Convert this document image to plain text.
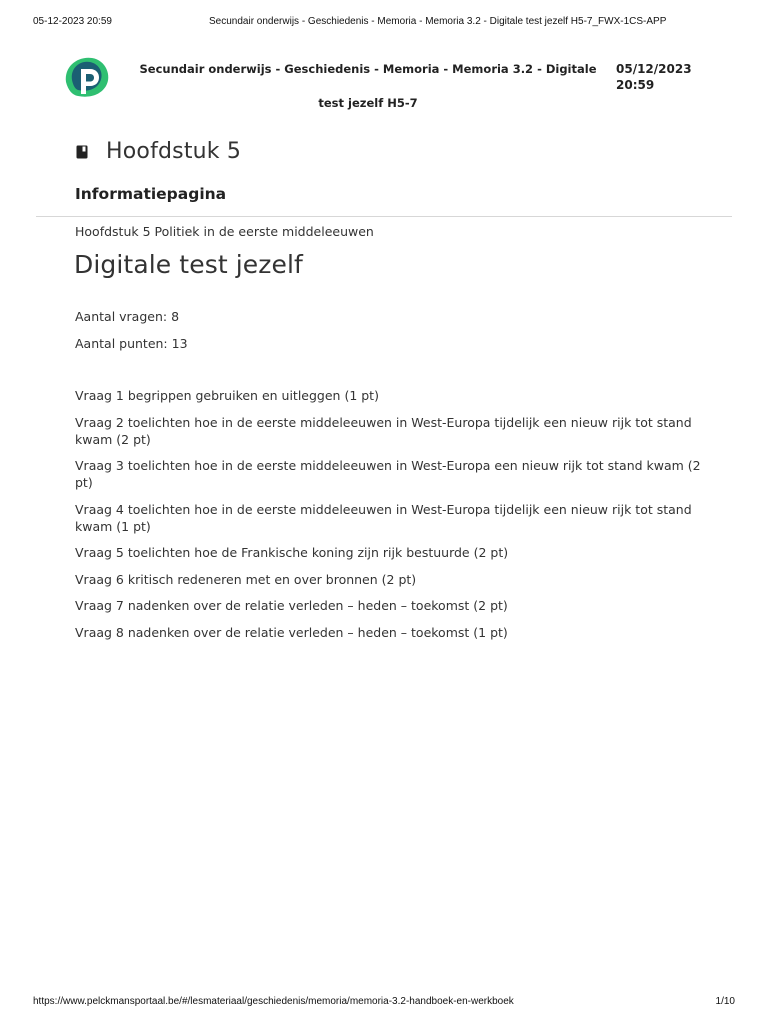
05-12-2023 20:59	Secundair onderwijs - Geschiedenis - Memoria - Memoria 3.2 - Digitale test jezelf H5-7_FWX-1CS-APP
Secundair onderwijs - Geschiedenis - Memoria - Memoria 3.2 - Digitale test jezelf H5-7
05/12/2023
20:59
Hoofdstuk 5
Informatiepagina
Hoofdstuk 5 Politiek in de eerste middeleeuwen
Digitale test jezelf
Aantal vragen: 8
Aantal punten: 13
Vraag 1 begrippen gebruiken en uitleggen (1 pt)
Vraag 2 toelichten hoe in de eerste middeleeuwen in West-Europa tijdelijk een nieuw rijk tot stand kwam (2 pt)
Vraag 3 toelichten hoe in de eerste middeleeuwen in West-Europa een nieuw rijk tot stand kwam (2 pt)
Vraag 4 toelichten hoe in de eerste middeleeuwen in West-Europa tijdelijk een nieuw rijk tot stand kwam (1 pt)
Vraag 5 toelichten hoe de Frankische koning zijn rijk bestuurde (2 pt)
Vraag 6 kritisch redeneren met en over bronnen (2 pt)
Vraag 7 nadenken over de relatie verleden – heden – toekomst (2 pt)
Vraag 8 nadenken over de relatie verleden – heden – toekomst (1 pt)
https://www.pelckmansportaal.be/#/lesmateriaal/geschiedenis/memoria/memoria-3.2-handboek-en-werkboek	1/10
